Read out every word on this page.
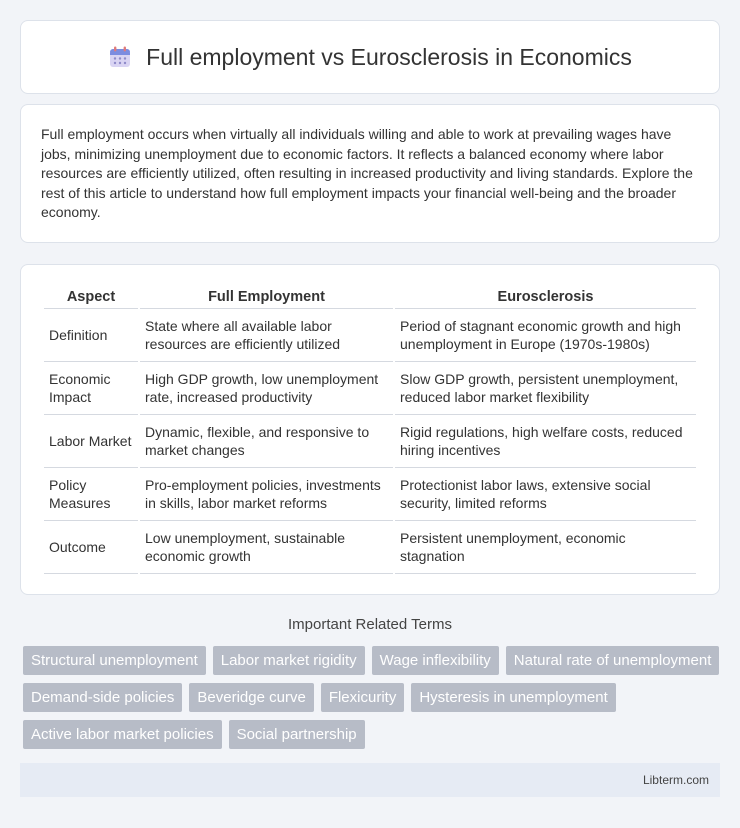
Full employment vs Eurosclerosis in Economics

Full employment occurs when virtually all individuals willing and able to work at prevailing wages have jobs, minimizing unemployment due to economic factors. It reflects a balanced economy where labor resources are efficiently utilized, often resulting in increased productivity and living standards. Explore the rest of this article to understand how full employment impacts your financial well-being and the broader economy.

Aspect	Full Employment	Eurosclerosis
Definition	State where all available labor resources are efficiently utilized	Period of stagnant economic growth and high unemployment in Europe (1970s-1980s)
Economic Impact	High GDP growth, low unemployment rate, increased productivity	Slow GDP growth, persistent unemployment, reduced labor market flexibility
Labor Market	Dynamic, flexible, and responsive to market changes	Rigid regulations, high welfare costs, reduced hiring incentives
Policy Measures	Pro-employment policies, investments in skills, labor market reforms	Protectionist labor laws, extensive social security, limited reforms
Outcome	Low unemployment, sustainable economic growth	Persistent unemployment, economic stagnation
Important Related Terms
Structural unemployment	Labor market rigidity	Wage inflexibility	Natural rate of unemployment
Demand-side policies	Beveridge curve	Flexicurity	Hysteresis in unemployment
Active labor market policies	Social partnership
Libterm.com
